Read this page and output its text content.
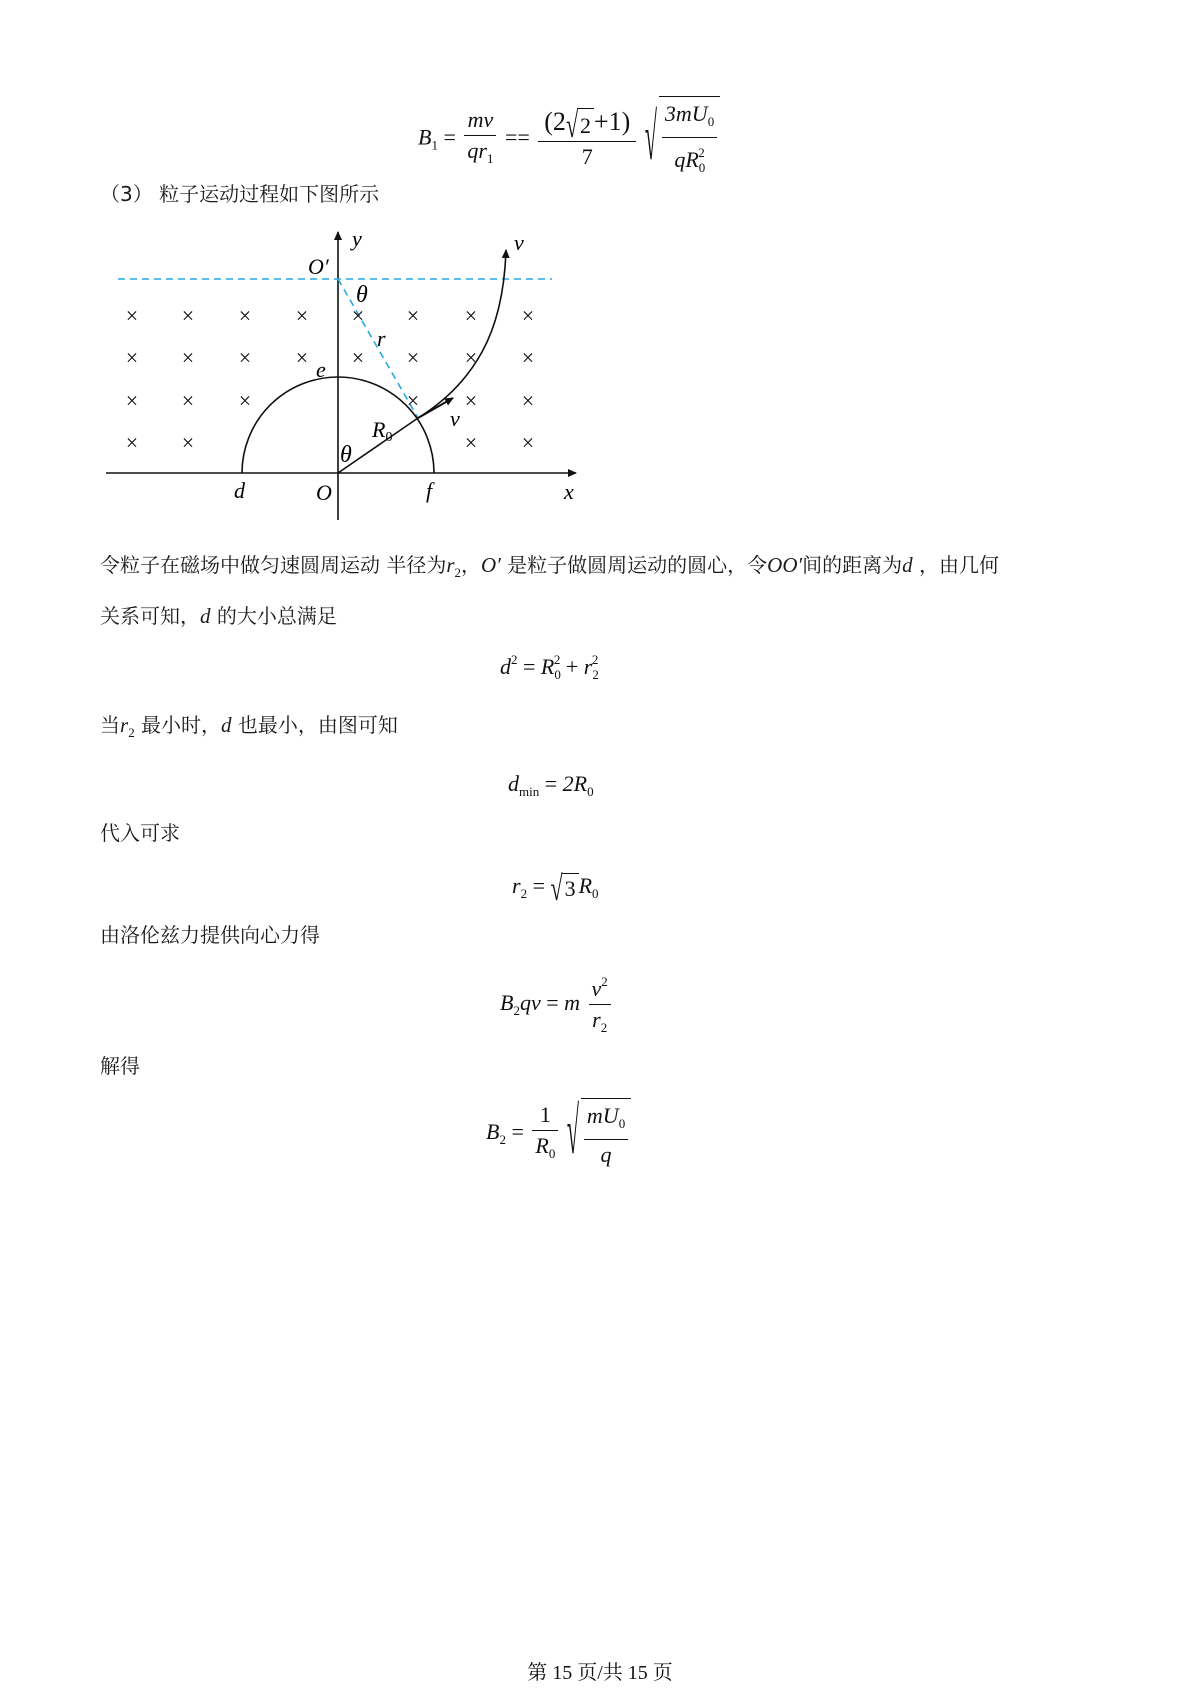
$B_1 = \frac{mv}{qr_1} == \frac{(2√2 +1)}{7}$ √ $\frac{3mU_0}{qR_0^2}$
（3） 粒子运动过程如下图所示
× × × × × × × ×
× × × × × × × ×
× × ×	× × ×
× ×	× ×
y
x
O′
θ
r
e
R0
θ
v
v
d	O	f
令粒子在磁场中做匀速圆周运动 半径为$r_2$，O′ 是粒子做圆周运动的圆心，令OO′间的距离为d ，由几何
关系可知，d 的大小总满足
$d^2 = R_0^2 + r_2^2$
当$r_2$ 最小时，d 也最小，由图可知
$d_{min} = 2R_0$
代入可求
$r_2 = √3$ $R_0$
由洛伦兹力提供向心力得
$B_2qv = m \frac{v^2}{r_2}$
解得
$B_2 = \frac{1}{R_0}$ √ $\frac{mU_0}{q}$
第 15 页/共 15 页
